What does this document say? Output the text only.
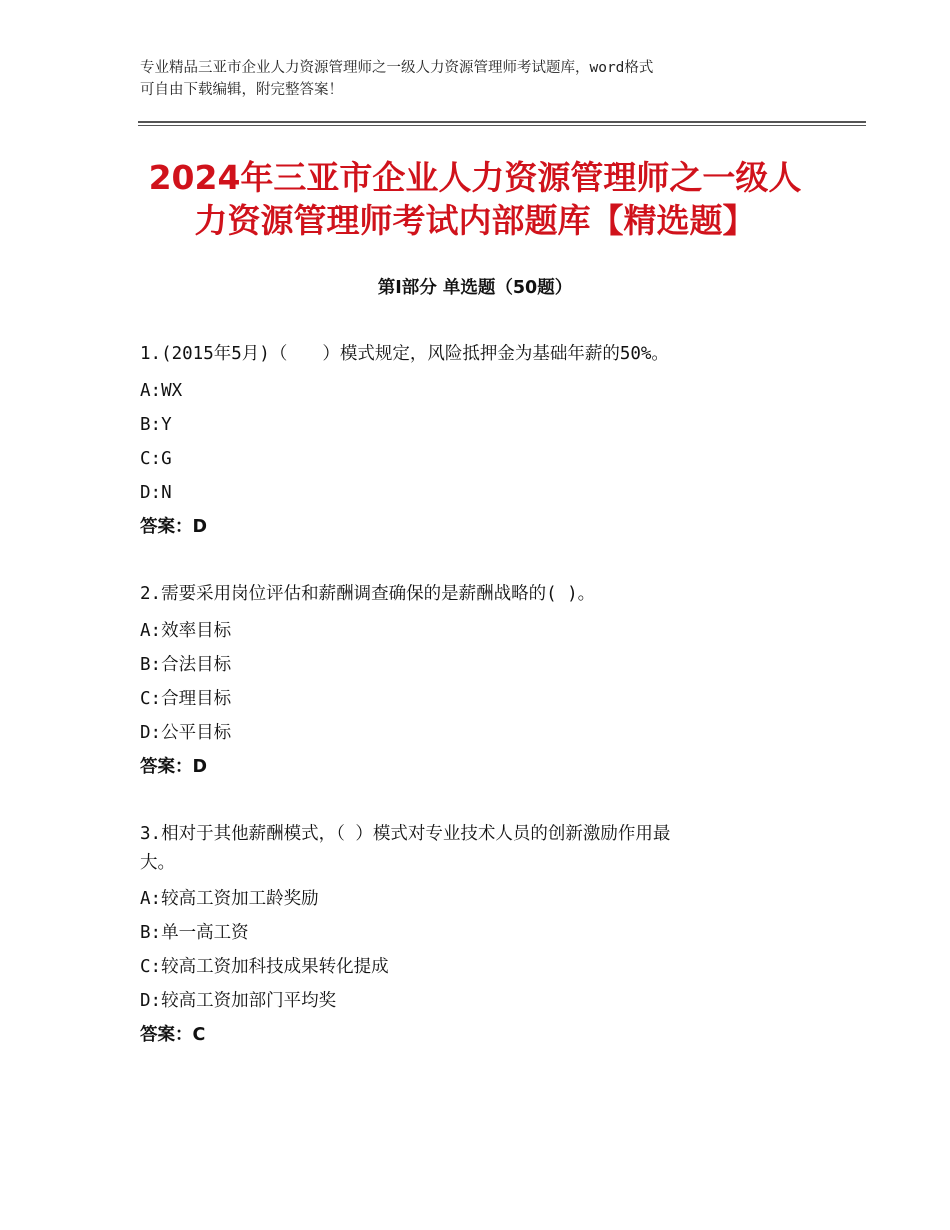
专业精品三亚市企业人力资源管理师之一级人力资源管理师考试题库，word格式
可自由下载编辑，附完整答案！
2024年三亚市企业人力资源管理师之一级人
力资源管理师考试内部题库【精选题】
第Ⅰ部分 单选题（50题）
1.(2015年5月)（　　）模式规定，风险抵押金为基础年薪的50%。
A:WX
B:Y
C:G
D:N
答案：D
2.需要采用岗位评估和薪酬调查确保的是薪酬战略的( )。
A:效率目标
B:合法目标
C:合理目标
D:公平目标
答案：D
3.相对于其他薪酬模式，（ ）模式对专业技术人员的创新激励作用最
大。
A:较高工资加工龄奖励
B:单一高工资
C:较高工资加科技成果转化提成
D:较高工资加部门平均奖
答案：C
